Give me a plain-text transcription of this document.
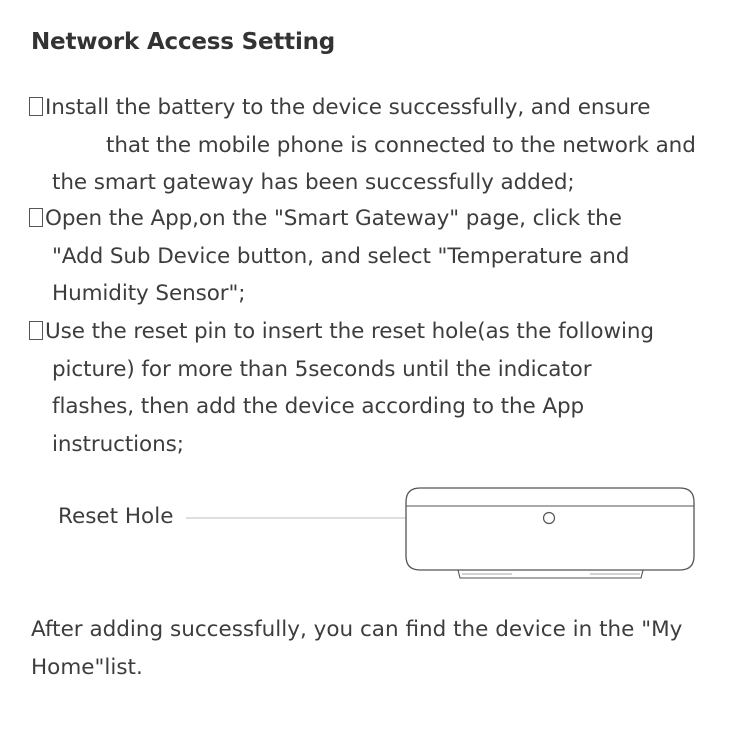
Network Access Setting
Install the battery to the device successfully, and ensure
that the mobile phone is connected to the network and
the smart gateway has been successfully added;
Open the App,on the "Smart Gateway" page, click the
"Add Sub Device button, and select "Temperature and
Humidity Sensor";
Use the reset pin to insert the reset hole(as the following
picture) for more than 5seconds until the indicator
flashes, then add the device according to the App
instructions;
Reset Hole
After adding successfully, you can find the device in the "My
Home"list.
